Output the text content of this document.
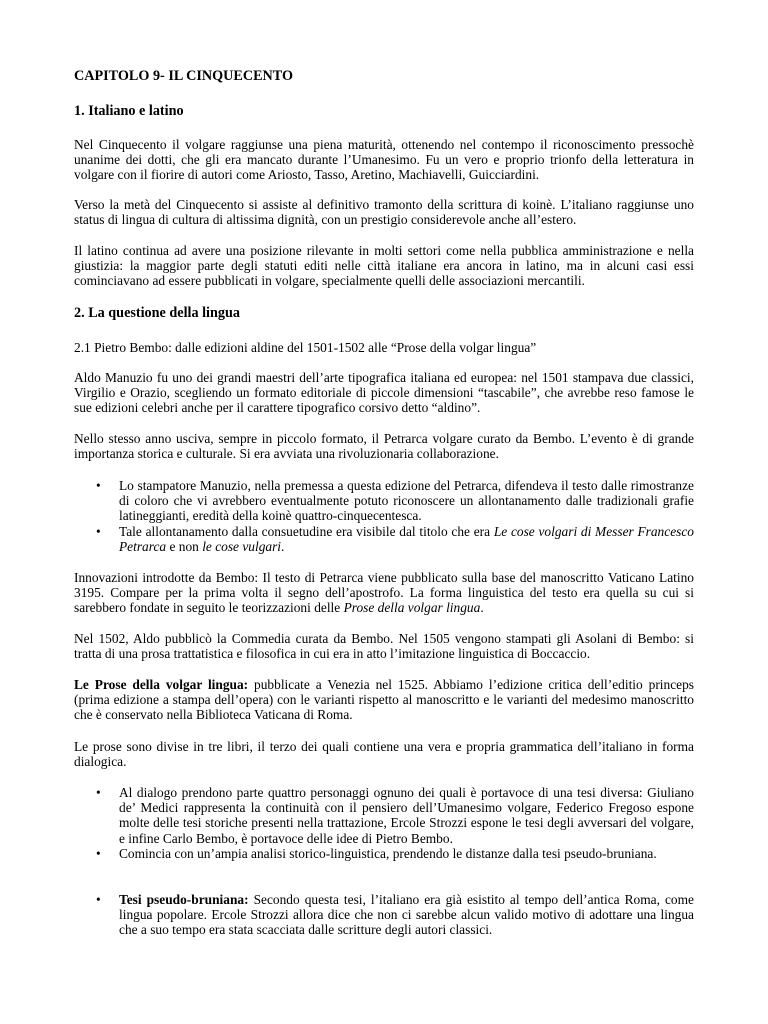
CAPITOLO 9- IL CINQUECENTO

1. Italiano e latino

Nel Cinquecento il volgare raggiunse una piena maturità, ottenendo nel contempo il riconoscimento pressochè unanime dei dotti, che gli era mancato durante l’Umanesimo. Fu un vero e proprio trionfo della letteratura in volgare con il fiorire di autori come Ariosto, Tasso, Aretino, Machiavelli, Guicciardini.

Verso la metà del Cinquecento si assiste al definitivo tramonto della scrittura di koinè. L’italiano raggiunse uno status di lingua di cultura di altissima dignità, con un prestigio considerevole anche all’estero.

Il latino continua ad avere una posizione rilevante in molti settori come nella pubblica amministrazione e nella giustizia: la maggior parte degli statuti editi nelle città italiane era ancora in latino, ma in alcuni casi essi cominciavano ad essere pubblicati in volgare, specialmente quelli delle associazioni mercantili.

2. La questione della lingua

2.1 Pietro Bembo: dalle edizioni aldine del 1501-1502 alle “Prose della volgar lingua”

Aldo Manuzio fu uno dei grandi maestri dell’arte tipografica italiana ed europea: nel 1501 stampava due classici, Virgilio e Orazio, scegliendo un formato editoriale di piccole dimensioni “tascabile”, che avrebbe reso famose le sue edizioni celebri anche per il carattere tipografico corsivo detto “aldino”.

Nello stesso anno usciva, sempre in piccolo formato, il Petrarca volgare curato da Bembo. L’evento è di grande importanza storica e culturale. Si era avviata una rivoluzionaria collaborazione.

• Lo stampatore Manuzio, nella premessa a questa edizione del Petrarca, difendeva il testo dalle rimostranze di coloro che vi avrebbero eventualmente potuto riconoscere un allontanamento dalle tradizionali grafie latineggianti, eredità della koinè quattro-cinquecentesca.
• Tale allontanamento dalla consuetudine era visibile dal titolo che era Le cose volgari di Messer Francesco Petrarca e non le cose vulgari.

Innovazioni introdotte da Bembo: Il testo di Petrarca viene pubblicato sulla base del manoscritto Vaticano Latino 3195. Compare per la prima volta il segno dell’apostrofo. La forma linguistica del testo era quella su cui si sarebbero fondate in seguito le teorizzazioni delle Prose della volgar lingua.

Nel 1502, Aldo pubblicò la Commedia curata da Bembo. Nel 1505 vengono stampati gli Asolani di Bembo: si tratta di una prosa trattatistica e filosofica in cui era in atto l’imitazione linguistica di Boccaccio.

Le Prose della volgar lingua: pubblicate a Venezia nel 1525. Abbiamo l’edizione critica dell’editio princeps (prima edizione a stampa dell’opera) con le varianti rispetto al manoscritto e le varianti del medesimo manoscritto che è conservato nella Biblioteca Vaticana di Roma.

Le prose sono divise in tre libri, il terzo dei quali contiene una vera e propria grammatica dell’italiano in forma dialogica.

• Al dialogo prendono parte quattro personaggi ognuno dei quali è portavoce di una tesi diversa: Giuliano de’ Medici rappresenta la continuità con il pensiero dell’Umanesimo volgare, Federico Fregoso espone molte delle tesi storiche presenti nella trattazione, Ercole Strozzi espone le tesi degli avversari del volgare, e infine Carlo Bembo, è portavoce delle idee di Pietro Bembo.
• Comincia con un’ampia analisi storico-linguistica, prendendo le distanze dalla tesi pseudo-bruniana.
• Tesi pseudo-bruniana: Secondo questa tesi, l’italiano era già esistito al tempo dell’antica Roma, come lingua popolare. Ercole Strozzi allora dice che non ci sarebbe alcun valido motivo di adottare una lingua che a suo tempo era stata scacciata dalle scritture degli autori classici.
